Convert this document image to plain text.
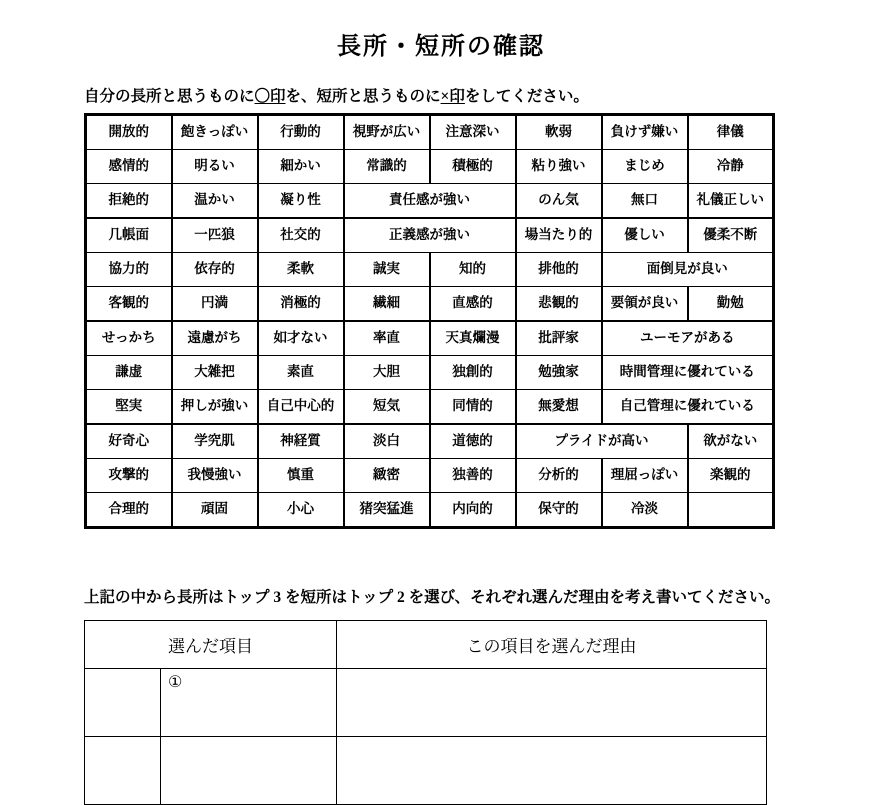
長所・短所の確認
自分の長所と思うものに〇印を、短所と思うものに×印をしてください。
開放的	飽きっぽい	行動的	視野が広い	注意深い	軟弱	負けず嫌い	律儀
感情的	明るい	細かい	常識的	積極的	粘り強い	まじめ	冷静
拒絶的	温かい	凝り性	責任感が強い		のん気	無口	礼儀正しい
几帳面	一匹狼	社交的	正義感が強い		場当たり的	優しい	優柔不断
協力的	依存的	柔軟	誠実	知的	排他的	面倒見が良い	
客観的	円満	消極的	繊細	直感的	悲観的	要領が良い	勤勉
せっかち	遠慮がち	如才ない	率直	天真爛漫	批評家	ユーモアがある	
謙虚	大雑把	素直	大胆	独創的	勉強家	時間管理に優れている	
堅実	押しが強い	自己中心的	短気	同情的	無愛想	自己管理に優れている	
好奇心	学究肌	神経質	淡白	道徳的	プライドが高い		欲がない
攻撃的	我慢強い	慎重	緻密	独善的	分析的	理屈っぽい	楽観的
合理的	頑固	小心	猪突猛進	内向的	保守的	冷淡	
上記の中から長所はトップ 3 を短所はトップ 2 を選び、それぞれ選んだ理由を考え書いてください。
選んだ項目		この項目を選んだ理由
	①	
